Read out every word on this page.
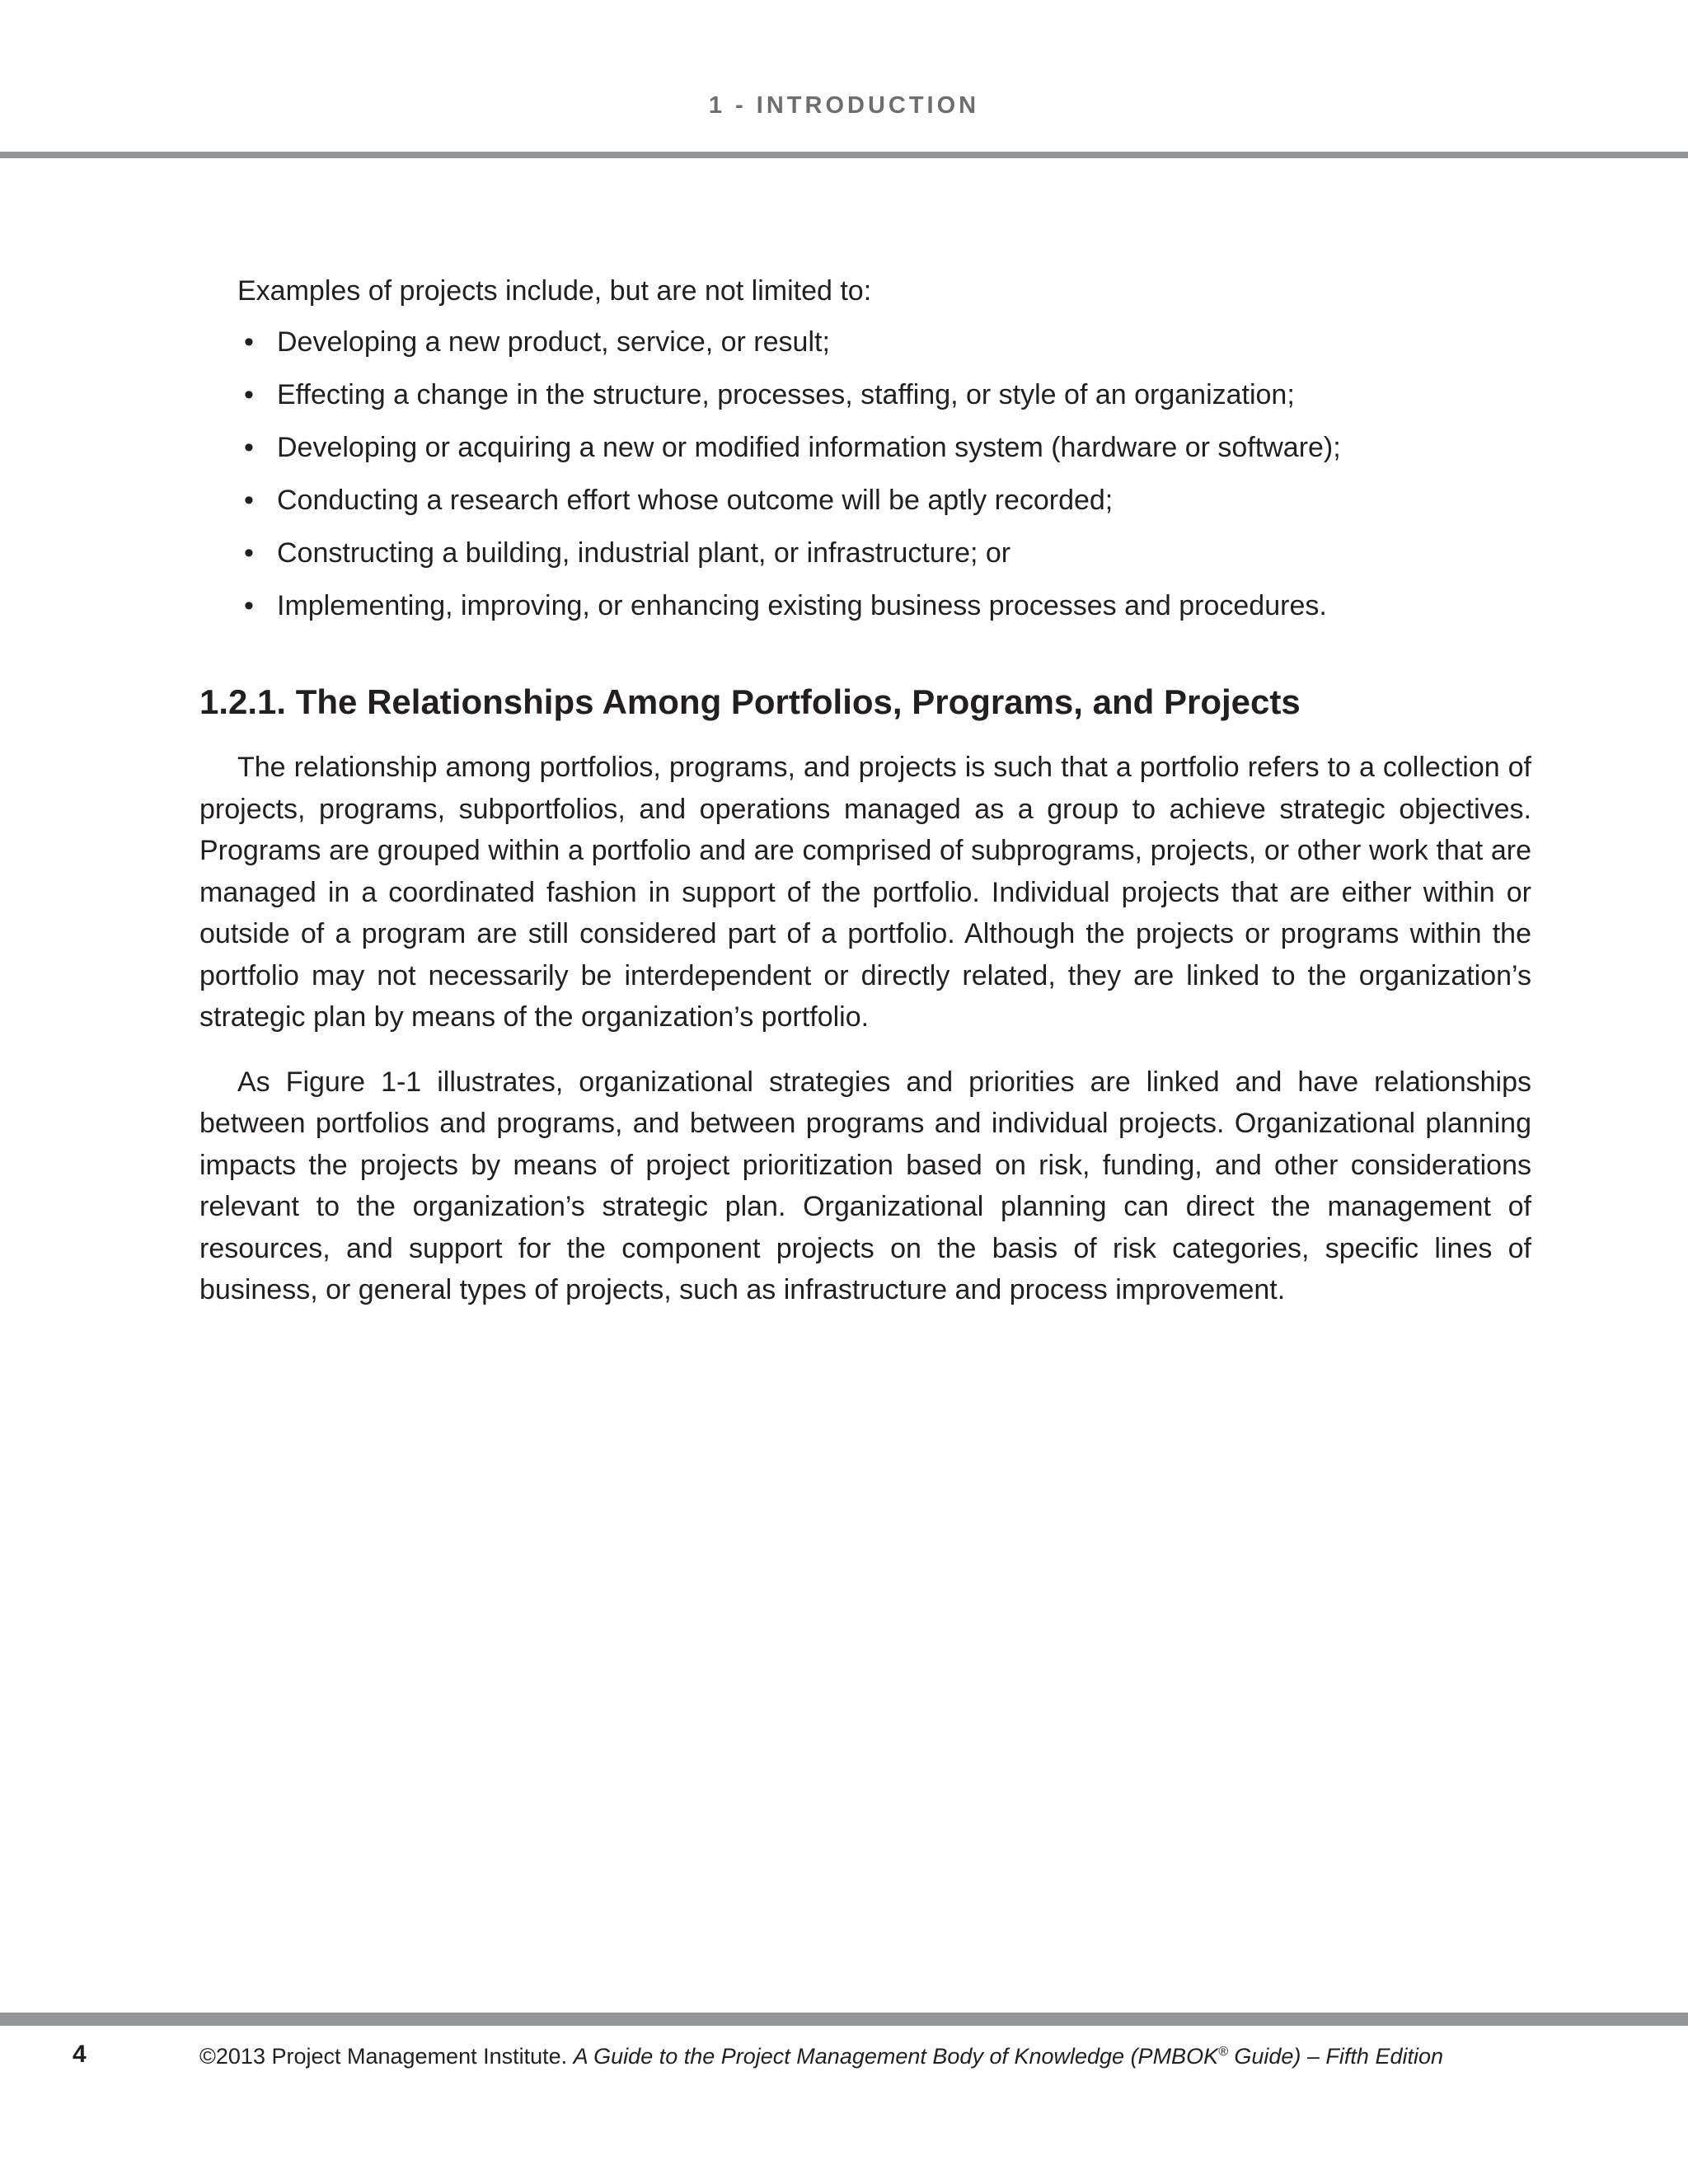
1 - INTRODUCTION

Examples of projects include, but are not limited to:

• Developing a new product, service, or result;
• Effecting a change in the structure, processes, staffing, or style of an organization;
• Developing or acquiring a new or modified information system (hardware or software);
• Conducting a research effort whose outcome will be aptly recorded;
• Constructing a building, industrial plant, or infrastructure; or
• Implementing, improving, or enhancing existing business processes and procedures.
1.2.1. The Relationships Among Portfolios, Programs, and Projects

The relationship among portfolios, programs, and projects is such that a portfolio refers to a collection of projects, programs, subportfolios, and operations managed as a group to achieve strategic objectives. Programs are grouped within a portfolio and are comprised of subprograms, projects, or other work that are managed in a coordinated fashion in support of the portfolio. Individual projects that are either within or outside of a program are still considered part of a portfolio. Although the projects or programs within the portfolio may not necessarily be interdependent or directly related, they are linked to the organization’s strategic plan by means of the organization’s portfolio.

As Figure 1-1 illustrates, organizational strategies and priorities are linked and have relationships between portfolios and programs, and between programs and individual projects. Organizational planning impacts the projects by means of project prioritization based on risk, funding, and other considerations relevant to the organization’s strategic plan. Organizational planning can direct the management of resources, and support for the component projects on the basis of risk categories, specific lines of business, or general types of projects, such as infrastructure and process improvement.

4	©2013 Project Management Institute. A Guide to the Project Management Body of Knowledge (PMBOK® Guide) – Fifth Edition
